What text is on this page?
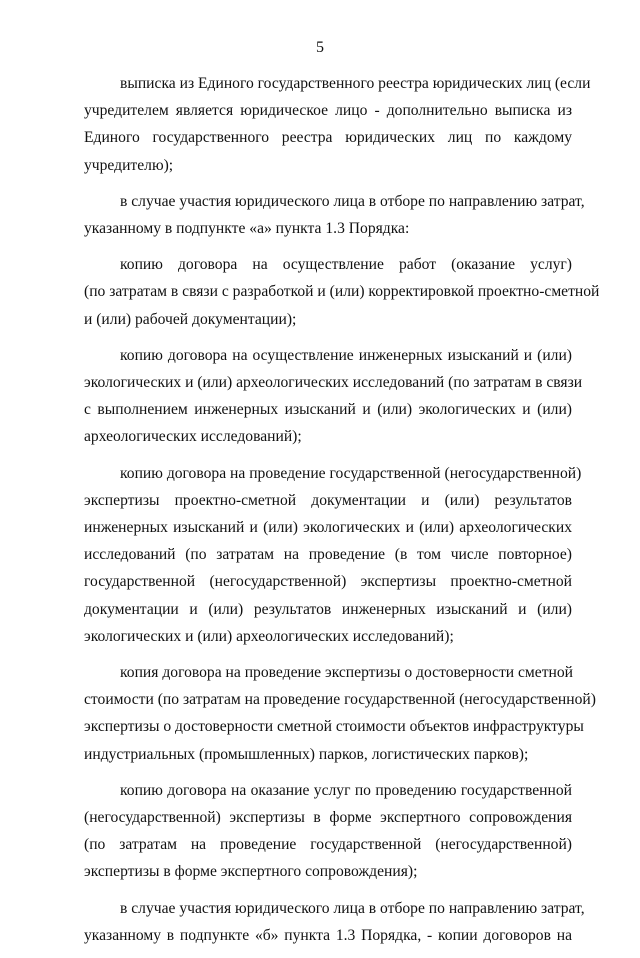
5

выписка из Единого государственного реестра юридических лиц (если
учредителем является юридическое лицо - дополнительно выписка из
Единого государственного реестра юридических лиц по каждому
учредителю);

в случае участия юридического лица в отборе по направлению затрат,
указанному в подпункте «а» пункта 1.3 Порядка:

копию договора на осуществление работ (оказание услуг)
(по затратам в связи с разработкой и (или) корректировкой проектно-сметной
и (или) рабочей документации);

копию договора на осуществление инженерных изысканий и (или)
экологических и (или) археологических исследований (по затратам в связи
с выполнением инженерных изысканий и (или) экологических и (или)
археологических исследований);

копию договора на проведение государственной (негосударственной)
экспертизы проектно-сметной документации и (или) результатов
инженерных изысканий и (или) экологических и (или) археологических
исследований (по затратам на проведение (в том числе повторное)
государственной (негосударственной) экспертизы проектно-сметной
документации и (или) результатов инженерных изысканий и (или)
экологических и (или) археологических исследований);

копия договора на проведение экспертизы о достоверности сметной
стоимости (по затратам на проведение государственной (негосударственной)
экспертизы о достоверности сметной стоимости объектов инфраструктуры
индустриальных (промышленных) парков, логистических парков);

копию договора на оказание услуг по проведению государственной
(негосударственной) экспертизы в форме экспертного сопровождения
(по затратам на проведение государственной (негосударственной)
экспертизы в форме экспертного сопровождения);

в случае участия юридического лица в отборе по направлению затрат,
указанному в подпункте «б» пункта 1.3 Порядка, - копии договоров на
